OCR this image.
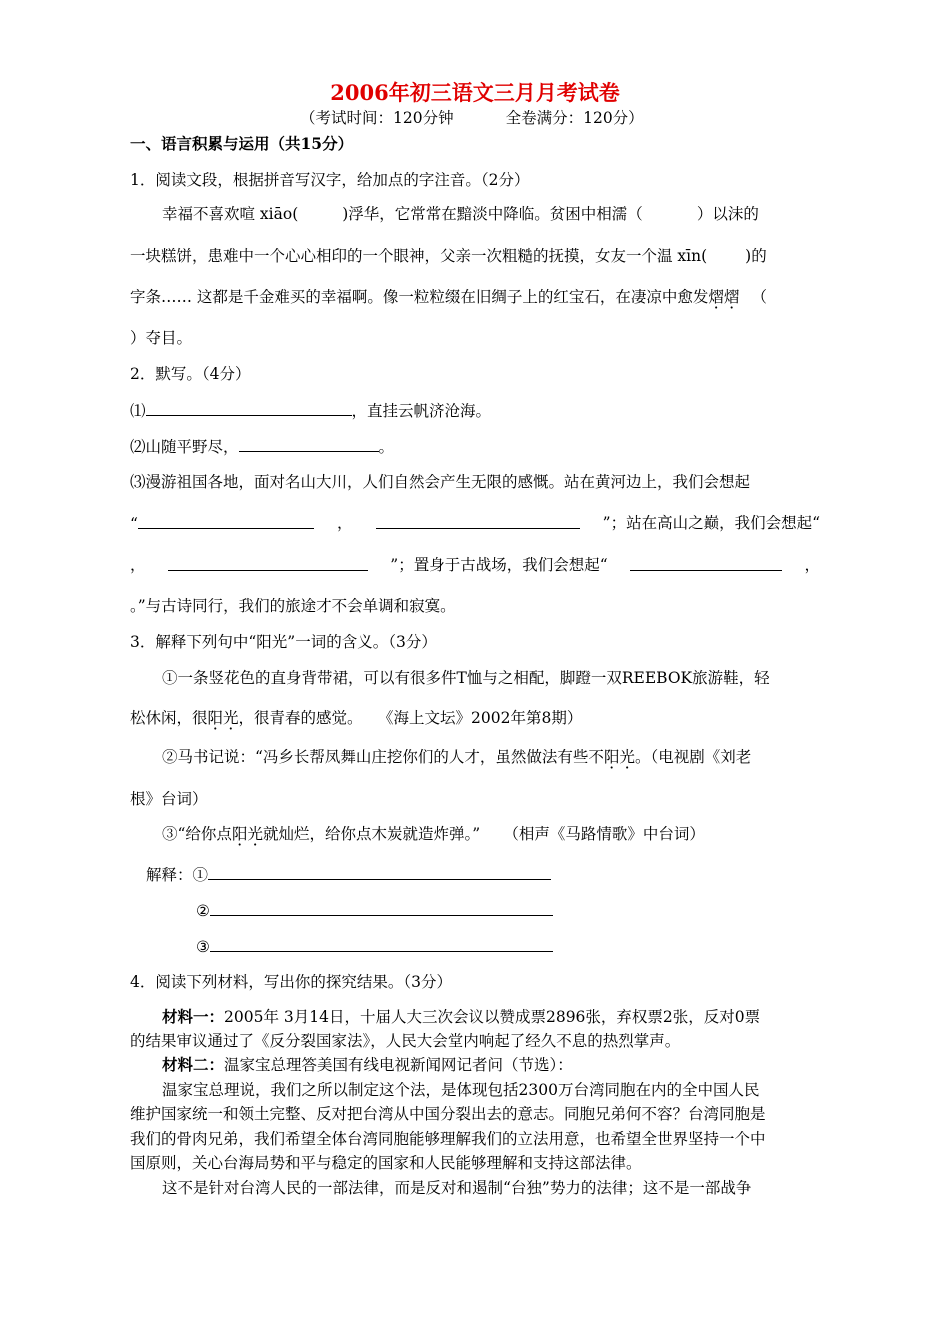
2006年初三语文三月月考试卷
（考试时间：120分钟	全卷满分：120分）
一、语言积累与运用（共15分）
1．阅读文段，根据拼音写汉字，给加点的字注音。（2分）
幸福不喜欢喧 xiāo(	)浮华，它常常在黯淡中降临。贫困中相濡（	）以沫的
一块糕饼，患难中一个心心相印的一个眼神，父亲一次粗糙的抚摸，女友一个温 xīn( )的
字条…… 这都是千金难买的幸福啊。像一粒粒缀在旧绸子上的红宝石，在凄凉中愈发熠熠 （
）夺目。
2．默写。（4分）
⑴	，直挂云帆济沧海。
⑵山随平野尽，	。
⑶漫游祖国各地，面对名山大川，人们自然会产生无限的感慨。站在黄河边上，我们会想起
“	，	”；站在高山之巅，我们会想起“
，	”；置身于古战场，我们会想起“	，
。”与古诗同行，我们的旅途才不会单调和寂寞。
3．解释下列句中“阳光”一词的含义。（3分）
①一条竖花色的直身背带裙，可以有很多件T恤与之相配，脚蹬一双REEBOK旅游鞋，轻
松休闲，很阳光，很青春的感觉。　　《海上文坛》2002年第8期）
②马书记说：“冯乡长帮凤舞山庄挖你们的人才，虽然做法有些不阳光。（电视剧《刘老
根》台词）
③“给你点阳光就灿烂，给你点木炭就造炸弹。”　　（相声《马路情歌》中台词）
解释：①
②
③
4．阅读下列材料，写出你的探究结果。（3分）
材料一：2005年 3月14日，十届人大三次会议以赞成票2896张，弃权票2张，反对0票
的结果审议通过了《反分裂国家法》，人民大会堂内响起了经久不息的热烈掌声。
材料二：温家宝总理答美国有线电视新闻网记者问（节选）：
温家宝总理说，我们之所以制定这个法，是体现包括2300万台湾同胞在内的全中国人民
维护国家统一和领土完整、反对把台湾从中国分裂出去的意志。同胞兄弟何不容？台湾同胞是
我们的骨肉兄弟，我们希望全体台湾同胞能够理解我们的立法用意，也希望全世界坚持一个中
国原则，关心台海局势和平与稳定的国家和人民能够理解和支持这部法律。
这不是针对台湾人民的一部法律，而是反对和遏制“台独”势力的法律；这不是一部战争
